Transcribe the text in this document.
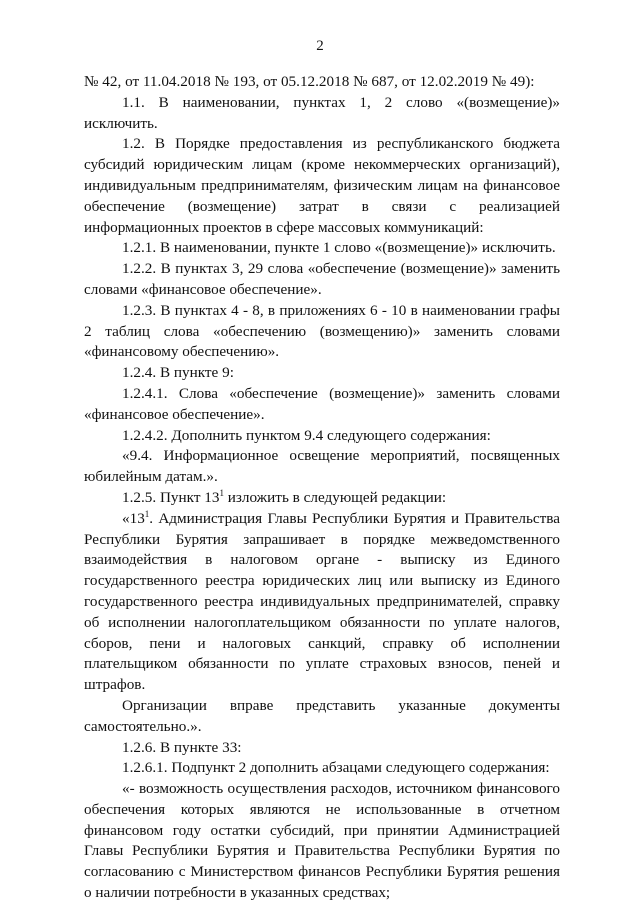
2

№ 42, от 11.04.2018 № 193, от 05.12.2018 № 687, от 12.02.2019 № 49):

1.1. В наименовании, пунктах 1, 2 слово «(возмещение)» исключить.

1.2. В Порядке предоставления из республиканского бюджета субсидий юридическим лицам (кроме некоммерческих организаций), индивидуальным предпринимателям, физическим лицам на финансовое обеспечение (возмещение) затрат в связи с реализацией информационных проектов в сфере массовых коммуникаций:

1.2.1. В наименовании, пункте 1 слово «(возмещение)» исключить.

1.2.2. В пунктах 3, 29 слова «обеспечение (возмещение)» заменить словами «финансовое обеспечение».

1.2.3. В пунктах 4 - 8, в приложениях 6 - 10 в наименовании графы 2 таблиц слова «обеспечению (возмещению)» заменить словами «финансовому обеспечению».

1.2.4. В пункте 9:

1.2.4.1. Слова «обеспечение (возмещение)» заменить словами «финансовое обеспечение».

1.2.4.2. Дополнить пунктом 9.4 следующего содержания:

«9.4. Информационное освещение мероприятий, посвященных юбилейным датам.».

1.2.5. Пункт $13^1$ изложить в следующей редакции:

«$13^1$. Администрация Главы Республики Бурятия и Правительства Республики Бурятия запрашивает в порядке межведомственного взаимодействия в налоговом органе - выписку из Единого государственного реестра юридических лиц или выписку из Единого государственного реестра индивидуальных предпринимателей, справку об исполнении налогоплательщиком обязанности по уплате налогов, сборов, пени и налоговых санкций, справку об исполнении плательщиком обязанности по уплате страховых взносов, пеней и штрафов.

Организации вправе представить указанные документы самостоятельно.».

1.2.6. В пункте 33:

1.2.6.1. Подпункт 2 дополнить абзацами следующего содержания:

«- возможность осуществления расходов, источником финансового обеспечения которых являются не использованные в отчетном финансовом году остатки субсидий, при принятии Администрацией Главы Республики Бурятия и Правительства Республики Бурятия по согласованию с Министерством финансов Республики Бурятия решения о наличии потребности в указанных средствах;
